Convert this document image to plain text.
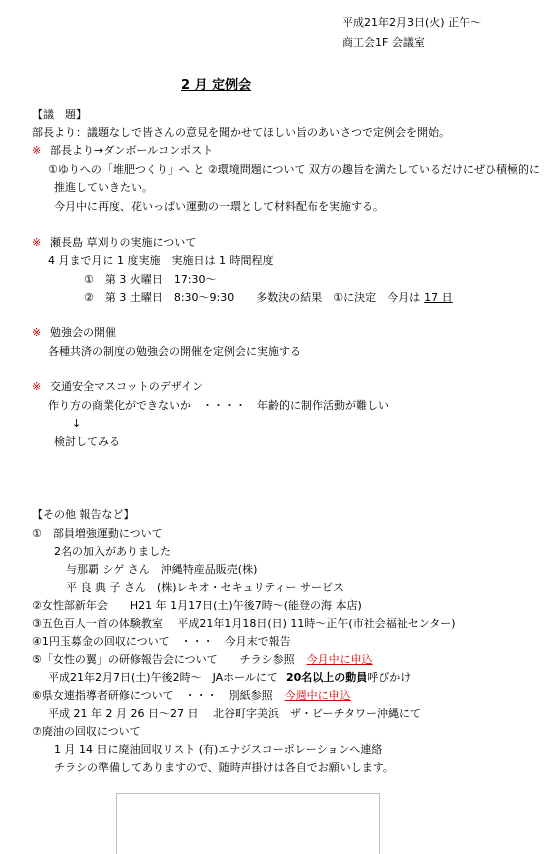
平成21年2月3日(火) 正午～
商工会1F 会議室
2 月 定例会
【議　題】
部長より：議題なしで皆さんの意見を聞かせてほしい旨のあいさつで定例会を開始。
※ 部長より→ダンボールコンポスト
①ゆりへの「堆肥つくり」へ と ②環境問題について 双方の趣旨を満たしているだけにぜひ積極的に
推進していきたい。
今月中に再度、花いっぱい運動の一環として材料配布を実施する。
※ 瀬長島 草刈りの実施について
4 月まで月に 1 度実施　実施日は 1 時間程度
①　第 3 火曜日　17:30～
②　第 3 土曜日　8:30～9:30　　多数決の結果　①に決定　今月は 17 日
※ 勉強会の開催
各種共済の制度の勉強会の開催を定例会に実施する
※ 交通安全マスコットのデザイン
作り方の商業化ができないか　・・・・　年齢的に制作活動が難しい
↓
検討してみる
【その他 報告など】
①　部員増強運動について
2名の加入がありました
与那覇 シゲ さん　沖縄特産品販売(株)
平 良 典 子 さん　(株)レキオ・セキュリティー サービス
②女性部新年会　　H21 年 1月17日(土)午後7時～(能登の海 本店)
③五色百人一首の体験教室　 平成21年1月18日(日) 11時～正午(市社会福祉センター)
④1円玉募金の回収について　・・・　今月末で報告
⑤「女性の翼」の研修報告会について　　チラシ参照 今月中に申込
平成21年2月7日(土)午後2時～　JAホールにて 20名以上の動員呼びかけ
⑥県女連指導者研修について　・・・　別紙参照 今週中に申込
平成 21 年 2 月 26 日～27 日　 北谷町字美浜　ザ・ビーチタワー沖縄にて
⑦廃油の回収について
1 月 14 日に廃油回収リスト (有)エナジスコーポレーションへ連絡
チラシの準備してありますので、随時声掛けは各自でお願いします。
